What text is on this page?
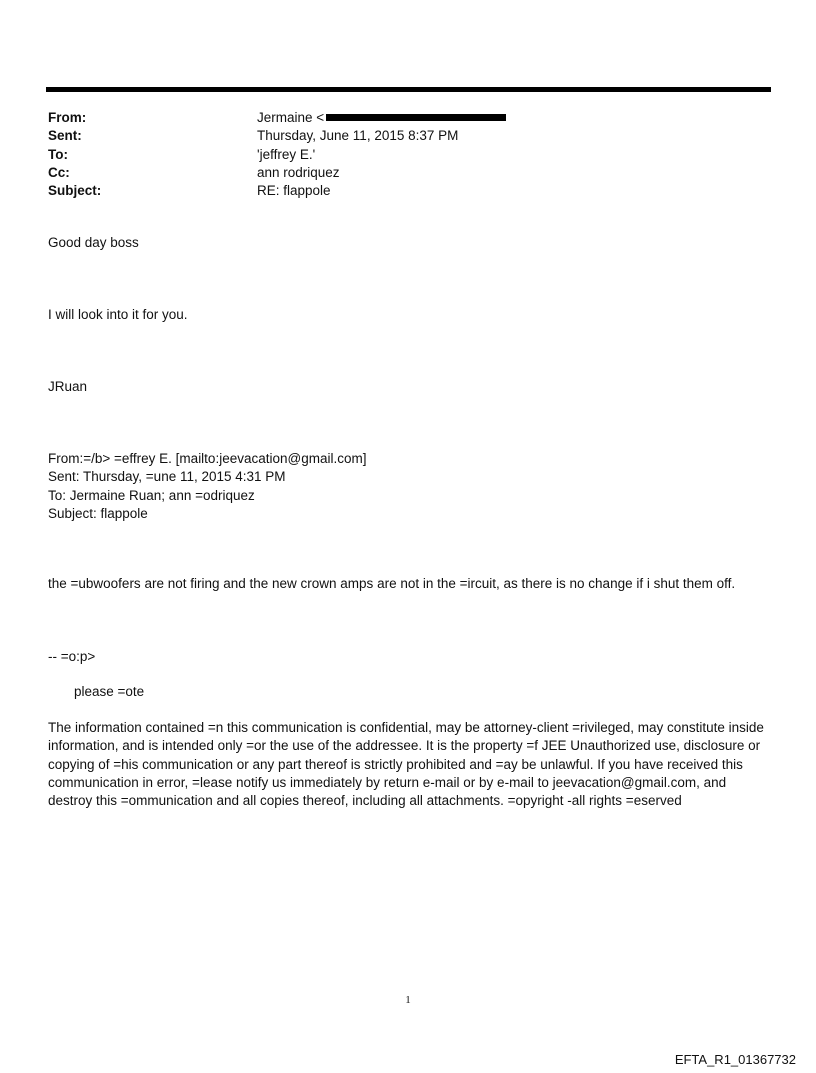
From:	Jermaine <
Sent:	Thursday, June 11, 2015 8:37 PM
To:	'jeffrey E.'
Cc:	ann rodriquez
Subject:	RE: flappole

Good day boss

I will look into it for you.

JRuan

From:=/b> =effrey E. [mailto:jeevacation@gmail.com]
Sent: Thursday, =une 11, 2015 4:31 PM
To: Jermaine Ruan; ann =odriquez
Subject: flappole

the =ubwoofers are not firing and the new crown amps are not in the =ircuit, as there is no change if i shut them off.

-- =o:p>

please =ote

The information contained =n this communication is confidential, may be attorney-client =rivileged, may constitute inside information, and is intended only =or the use of the addressee. It is the property =f JEE Unauthorized use, disclosure or copying of =his communication or any part thereof is strictly prohibited and =ay be unlawful. If you have received this communication in error, =lease notify us immediately by return e-mail or by e-mail to jeevacation@gmail.com, and destroy this =ommunication and all copies thereof, including all attachments. =opyright -all rights =eserved

1
EFTA_R1_01367732
